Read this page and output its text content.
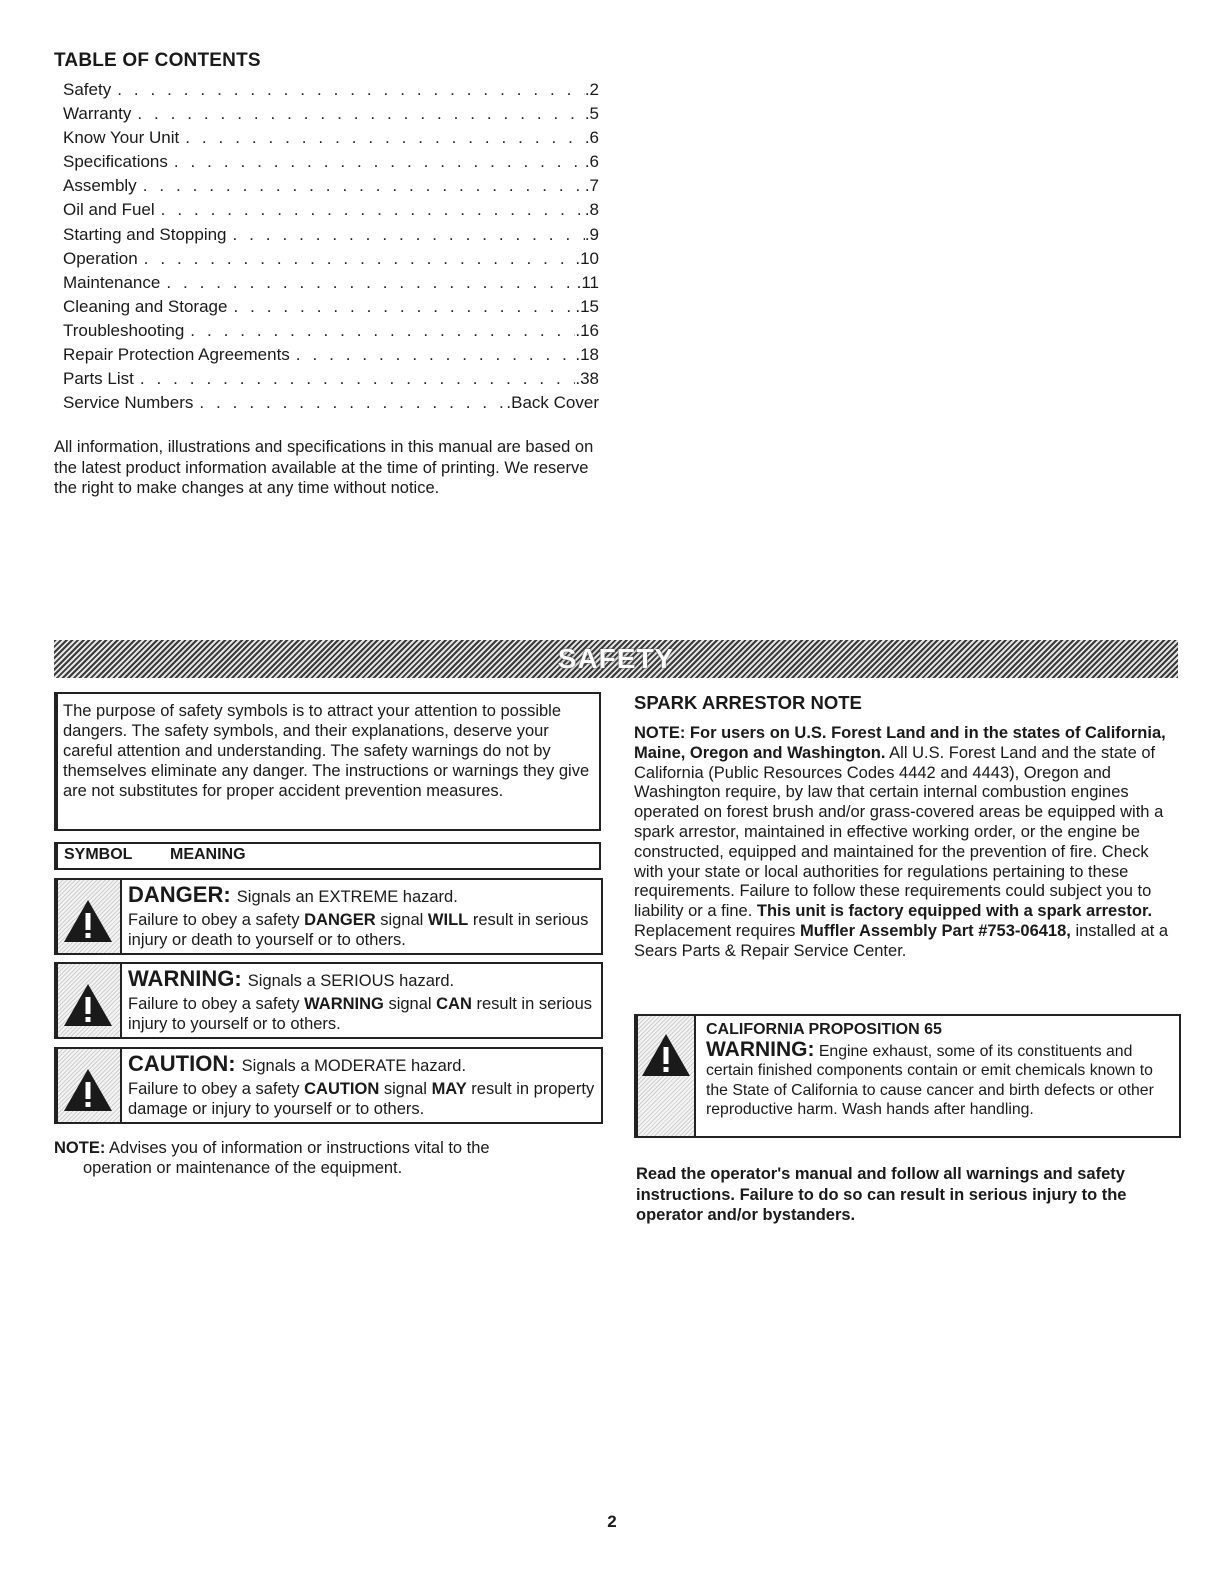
TABLE OF CONTENTS
Safety . . .	.2
Warranty . . .	.5
Know Your Unit . . .	.6
Specifications . . .	.6
Assembly . . .	.7
Oil and Fuel . . .	.8
Starting and Stopping . . .	.9
Operation . . .	.10
Maintenance . . .	.11
Cleaning and Storage . . .	.15
Troubleshooting . . .	.16
Repair Protection Agreements . . .	.18
Parts List . . .	.38
Service Numbers . . .	.Back Cover

All information, illustrations and specifications in this manual are based on the latest product information available at the time of printing. We reserve the right to make changes at any time without notice.

SAFETY
The purpose of safety symbols is to attract your attention to possible dangers. The safety symbols, and their explanations, deserve your careful attention and understanding. The safety warnings do not by themselves eliminate any danger. The instructions or warnings they give are not substitutes for proper accident prevention measures.
SYMBOL MEANING
DANGER: Signals an EXTREME hazard.
Failure to obey a safety DANGER signal WILL result in serious injury or death to yourself or to others.
WARNING: Signals a SERIOUS hazard.
Failure to obey a safety WARNING signal CAN result in serious injury to yourself or to others.
CAUTION: Signals a MODERATE hazard.
Failure to obey a safety CAUTION signal MAY result in property damage or injury to yourself or to others.
NOTE: Advises you of information or instructions vital to the
operation or maintenance of the equipment.
SPARK ARRESTOR NOTE
NOTE: For users on U.S. Forest Land and in the states of California, Maine, Oregon and Washington. All U.S. Forest Land and the state of California (Public Resources Codes 4442 and 4443), Oregon and Washington require, by law that certain internal combustion engines operated on forest brush and/or grass-covered areas be equipped with a spark arrestor, maintained in effective working order, or the engine be constructed, equipped and maintained for the prevention of fire. Check with your state or local authorities for regulations pertaining to these requirements. Failure to follow these requirements could subject you to liability or a fine. This unit is factory equipped with a spark arrestor. Replacement requires Muffler Assembly Part #753-06418, installed at a Sears Parts & Repair Service Center.
CALIFORNIA PROPOSITION 65
WARNING: Engine exhaust, some of its constituents and certain finished components contain or emit chemicals known to the State of California to cause cancer and birth defects or other reproductive harm. Wash hands after handling.
Read the operator's manual and follow all warnings and safety instructions. Failure to do so can result in serious injury to the operator and/or bystanders.
2
